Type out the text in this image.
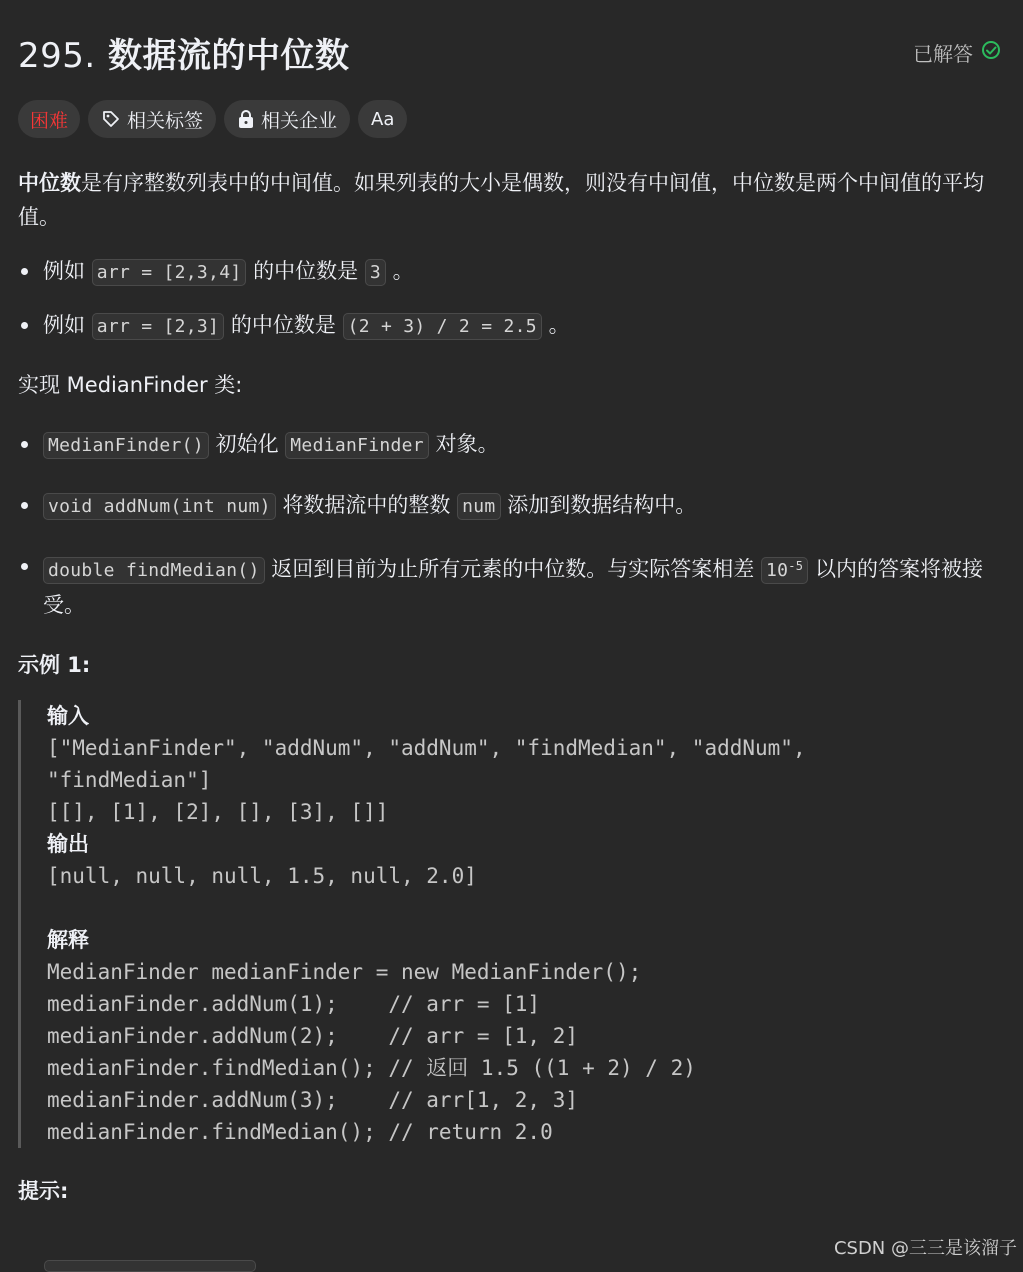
295. 数据流的中位数	已解答
困难	相关标签	相关企业 Aa
中位数是有序整数列表中的中间值。如果列表的大小是偶数，则没有中间值，中位数是两个中间值的平均值。
例如 arr = [2,3,4] 的中位数是 3 。
例如 arr = [2,3] 的中位数是 (2 + 3) / 2 = 2.5 。
实现 MedianFinder 类:
MedianFinder() 初始化 MedianFinder 对象。
void addNum(int num) 将数据流中的整数 num 添加到数据结构中。
double findMedian() 返回到目前为止所有元素的中位数。与实际答案相差 $10^{-5}$ 以内的答案将被接受。
示例 1:
输入
["MedianFinder", "addNum", "addNum", "findMedian", "addNum",
"findMedian"]
[[], [1], [2], [], [3], []]
输出
[null, null, null, 1.5, null, 2.0]
解释
MedianFinder medianFinder = new MedianFinder();
medianFinder.addNum(1);    // arr = [1]
medianFinder.addNum(2);    // arr = [1, 2]
medianFinder.findMedian(); // 返回 1.5 ((1 + 2) / 2)
medianFinder.addNum(3);    // arr[1, 2, 3]
medianFinder.findMedian(); // return 2.0
提示:
CSDN @三三是该溜子
